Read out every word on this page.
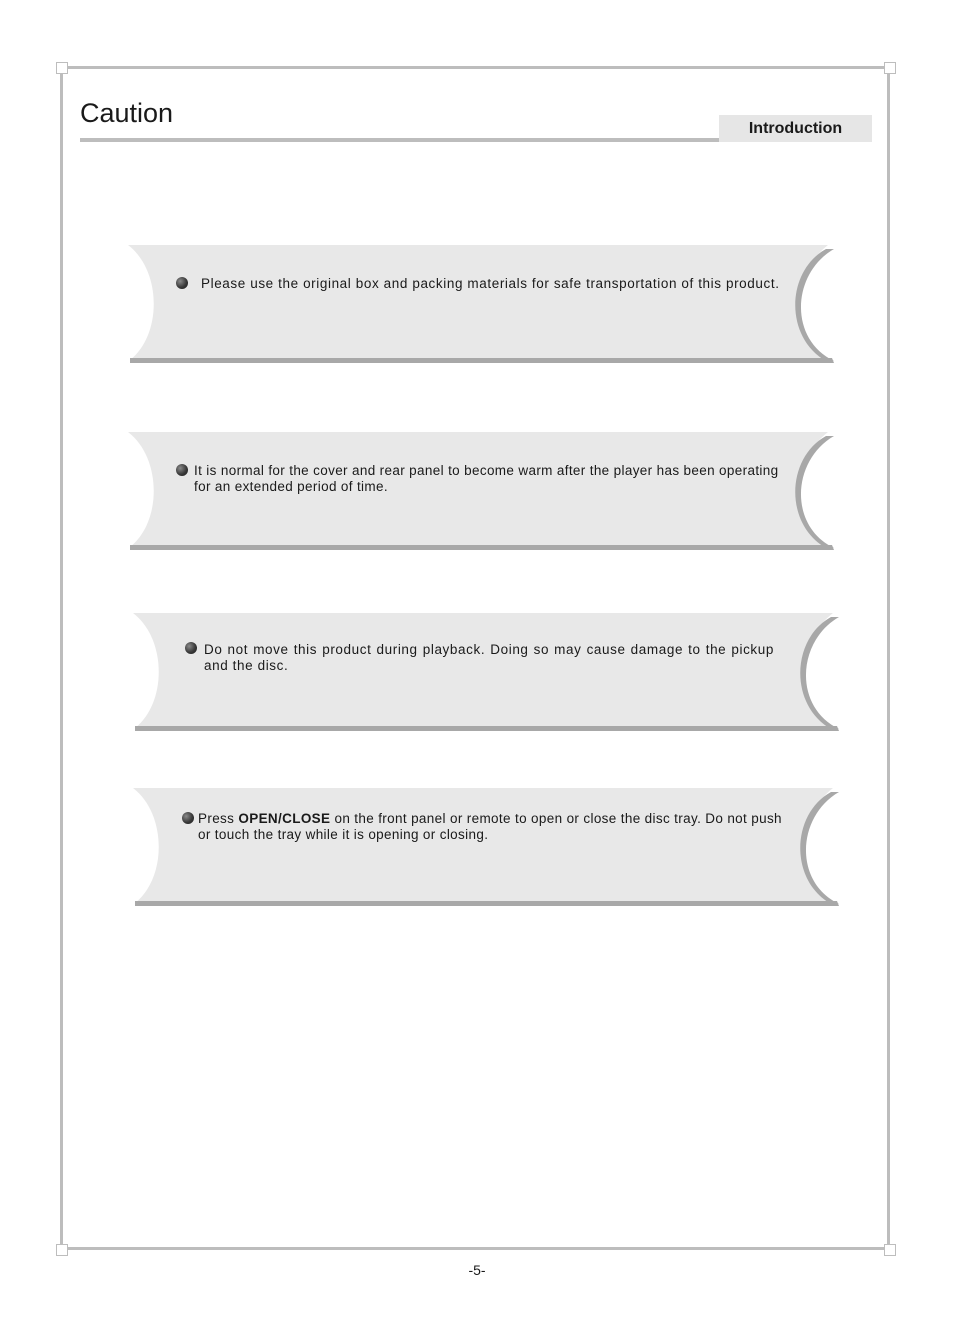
Caution
Introduction

Please use the original box and packing materials for safe transportation of this product.

It is normal for the cover and rear panel to become warm after the player has been operating for an extended period of time.

Do not move this product during playback. Doing so may cause damage to the pickup and the disc.

Press OPEN/CLOSE on the front panel or remote to open or close the disc tray. Do not push or touch the tray while it is opening or closing.

-5-
